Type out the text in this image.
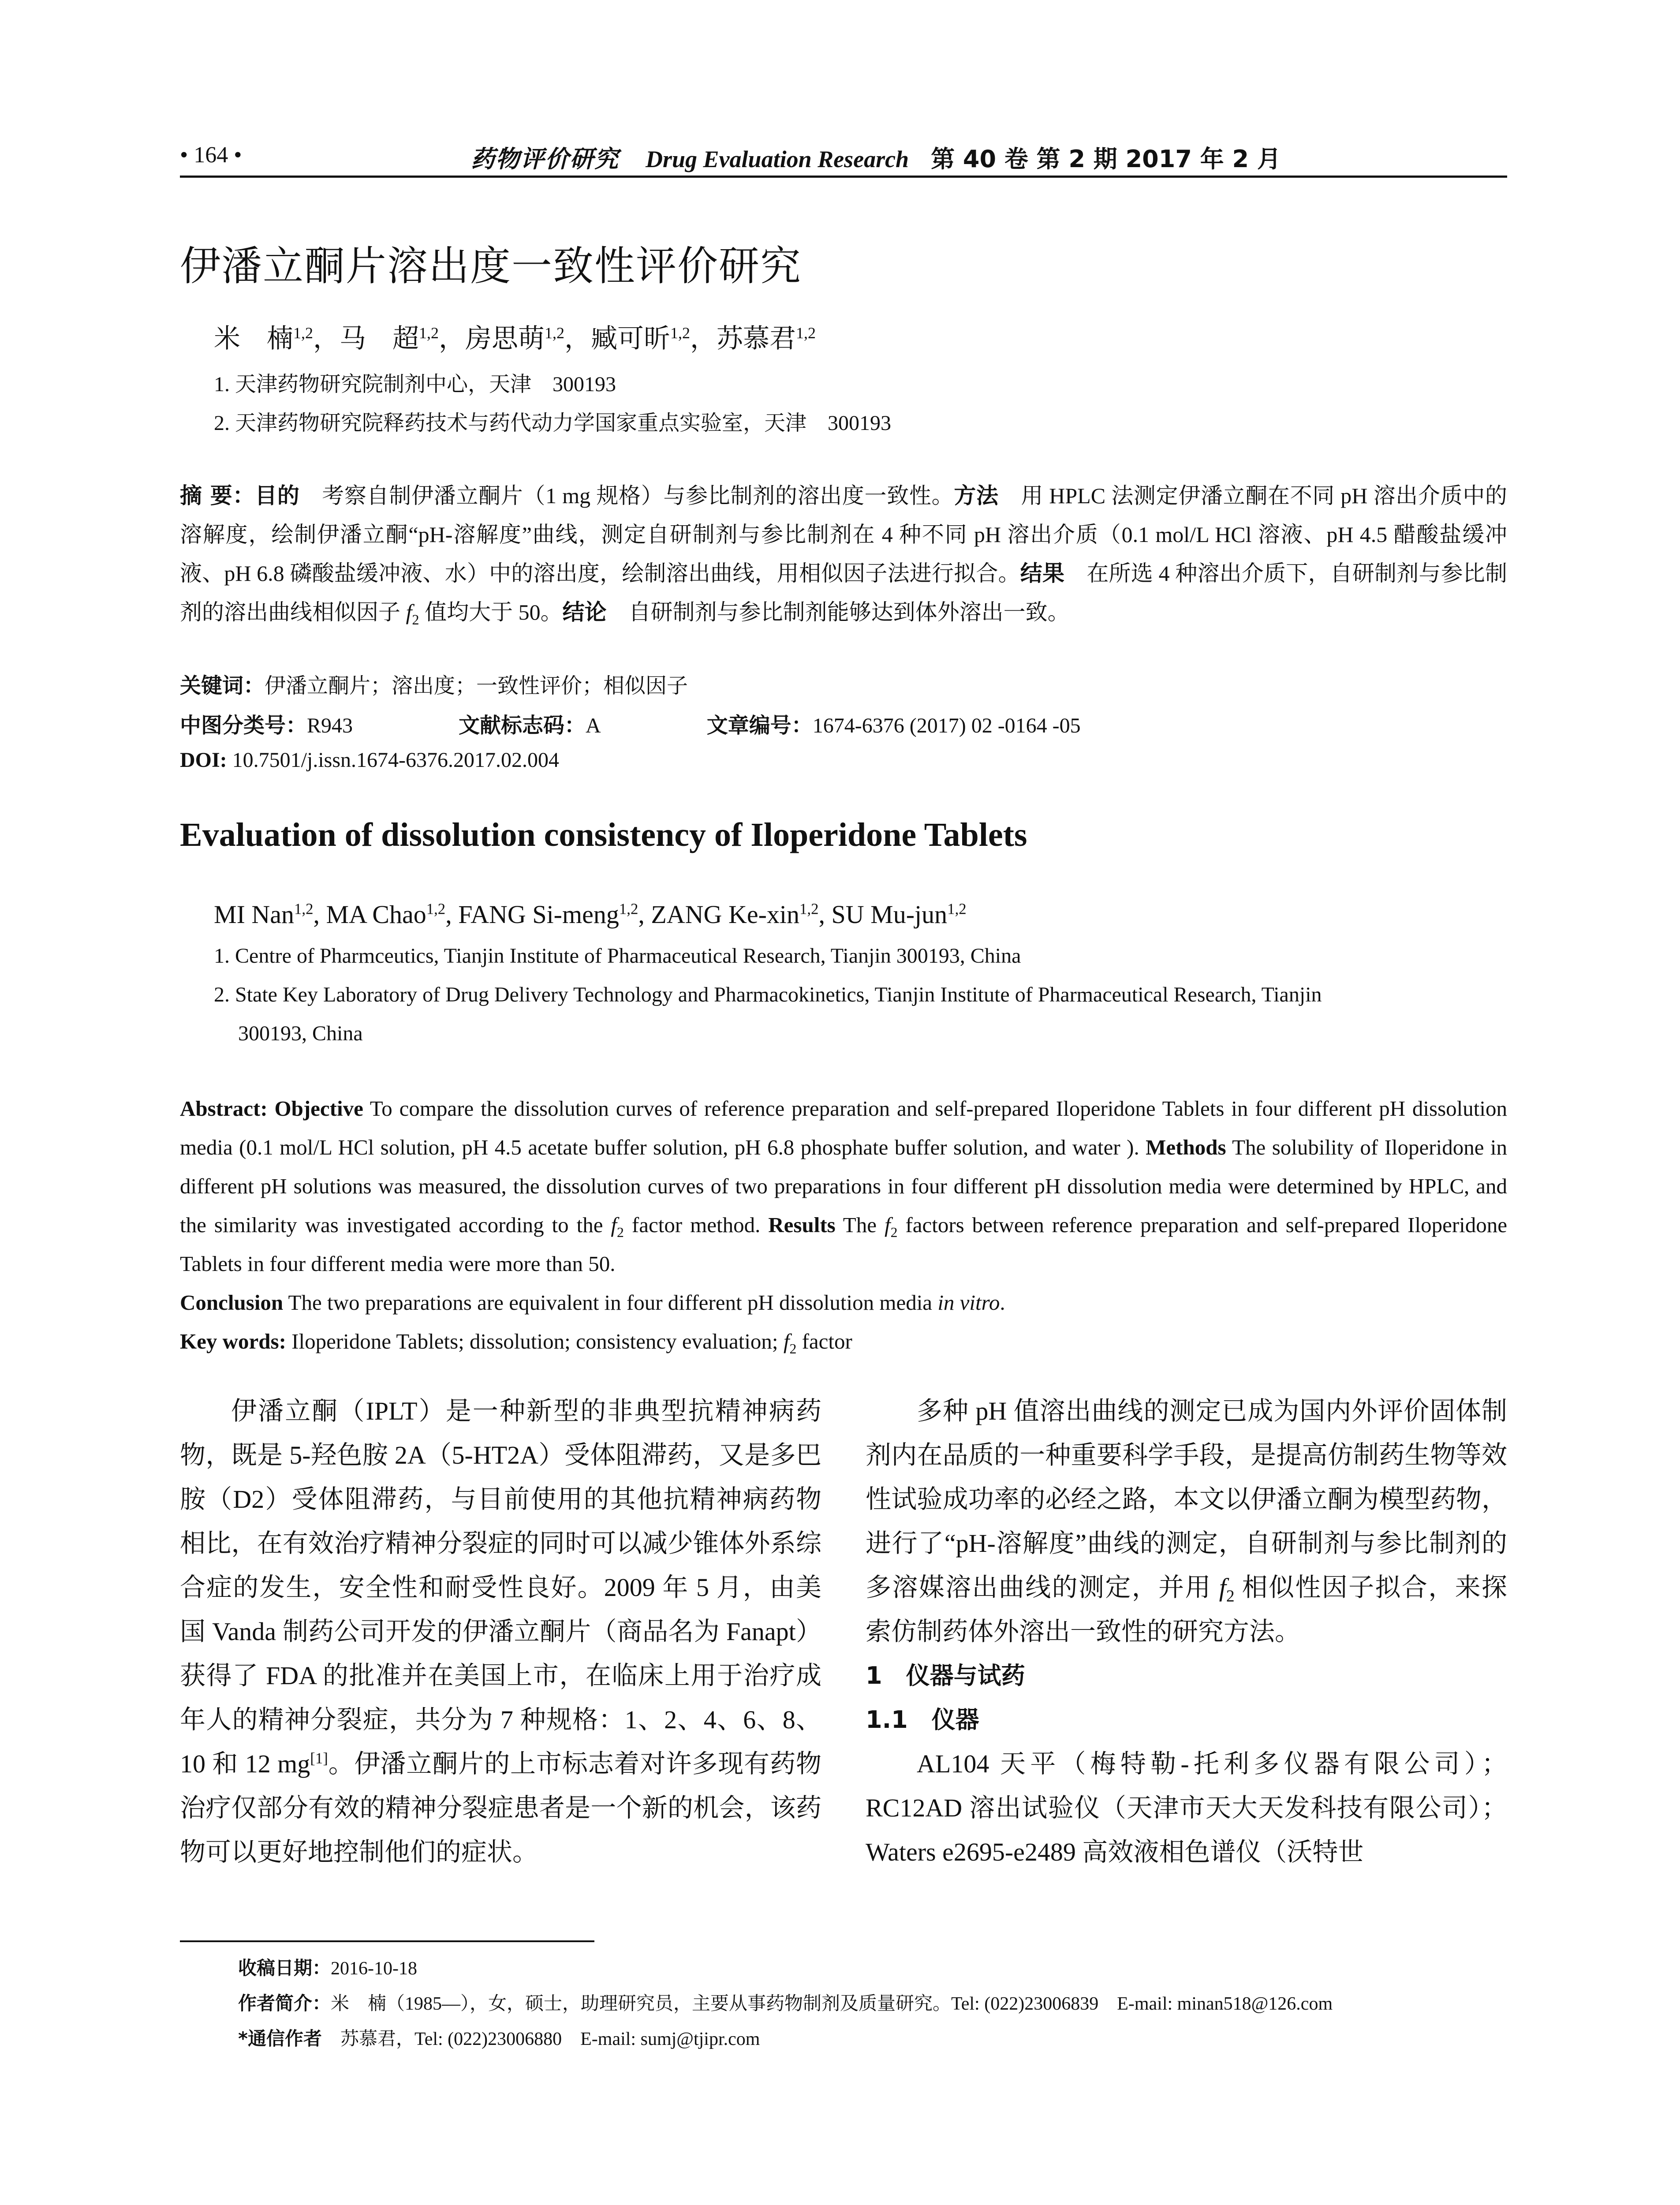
• 164 •	药物评价研究 Drug Evaluation Research 第 40 卷 第 2 期 2017 年 2 月
伊潘立酮片溶出度一致性评价研究
米　楠$^{1,2}$，马　超$^{1,2}$，房思萌$^{1,2}$，臧可昕$^{1,2}$，苏慕君$^{1,2}$
1. 天津药物研究院制剂中心，天津　300193
2. 天津药物研究院释药技术与药代动力学国家重点实验室，天津　300193
摘 要：目的　考察自制伊潘立酮片（1 mg 规格）与参比制剂的溶出度一致性。方法　用 HPLC 法测定伊潘立酮在不同 pH 溶出介质中的溶解度，绘制伊潘立酮“pH-溶解度”曲线，测定自研制剂与参比制剂在 4 种不同 pH 溶出介质（0.1 mol/L HCl 溶液、pH 4.5 醋酸盐缓冲液、pH 6.8 磷酸盐缓冲液、水）中的溶出度，绘制溶出曲线，用相似因子法进行拟合。结果　在所选 4 种溶出介质下，自研制剂与参比制剂的溶出曲线相似因子 $f_2$ 值均大于 50。结论　自研制剂与参比制剂能够达到体外溶出一致。
关键词：伊潘立酮片；溶出度；一致性评价；相似因子
中图分类号：R943	文献标志码：A	文章编号：1674-6376 (2017) 02 -0164 -05
DOI: 10.7501/j.issn.1674-6376.2017.02.004
Evaluation of dissolution consistency of Iloperidone Tablets
MI Nan$^{1,2}$, MA Chao$^{1,2}$, FANG Si-meng$^{1,2}$, ZANG Ke-xin$^{1,2}$, SU Mu-jun$^{1,2}$
1. Centre of Pharmceutics, Tianjin Institute of Pharmaceutical Research, Tianjin 300193, China
2. State Key Laboratory of Drug Delivery Technology and Pharmacokinetics, Tianjin Institute of Pharmaceutical Research, Tianjin
300193, China
Abstract: Objective To compare the dissolution curves of reference preparation and self-prepared Iloperidone Tablets in four different pH dissolution media (0.1 mol/L HCl solution, pH 4.5 acetate buffer solution, pH 6.8 phosphate buffer solution, and water ). Methods The solubility of Iloperidone in different pH solutions was measured, the dissolution curves of two preparations in four different pH dissolution media were determined by HPLC, and the similarity was investigated according to the $f_2$ factor method. Results The $f_2$ factors between reference preparation and self-prepared Iloperidone Tablets in four different media were more than 50.
Conclusion The two preparations are equivalent in four different pH dissolution media in vitro.
Key words: Iloperidone Tablets; dissolution; consistency evaluation; $f_2$ factor

伊潘立酮（IPLT）是一种新型的非典型抗精神病药物，既是 5-羟色胺 2A（5-HT2A）受体阻滞药，又是多巴胺（D2）受体阻滞药，与目前使用的其他抗精神病药物相比，在有效治疗精神分裂症的同时可以减少锥体外系综合症的发生，安全性和耐受性良好。2009 年 5 月，由美国 Vanda 制药公司开发的伊潘立酮片（商品名为 Fanapt）获得了 FDA 的批准并在美国上市，在临床上用于治疗成年人的精神分裂症，共分为 7 种规格：1、2、4、6、8、10 和 12 mg[1]。伊潘立酮片的上市标志着对许多现有药物治疗仅部分有效的精神分裂症患者是一个新的机会，该药物可以更好地控制他们的症状。

多种 pH 值溶出曲线的测定已成为国内外评价固体制剂内在品质的一种重要科学手段，是提高仿制药生物等效性试验成功率的必经之路，本文以伊潘立酮为模型药物，进行了“pH-溶解度”曲线的测定，自研制剂与参比制剂的多溶媒溶出曲线的测定，并用 $f_2$ 相似性因子拟合，来探索仿制药体外溶出一致性的研究方法。

1　仪器与试药

1.1　仪器

AL104 天平（梅特勒-托利多仪器有限公司）；RC12AD 溶出试验仪（天津市天大天发科技有限公司）；Waters e2695-e2489 高效液相色谱仪（沃特世

收稿日期：2016-10-18
作者简介：米　楠（1985—），女，硕士，助理研究员，主要从事药物制剂及质量研究。Tel: (022)23006839　E-mail: minan518@126.com
*通信作者　苏慕君，Tel: (022)23006880　E-mail: sumj@tjipr.com
